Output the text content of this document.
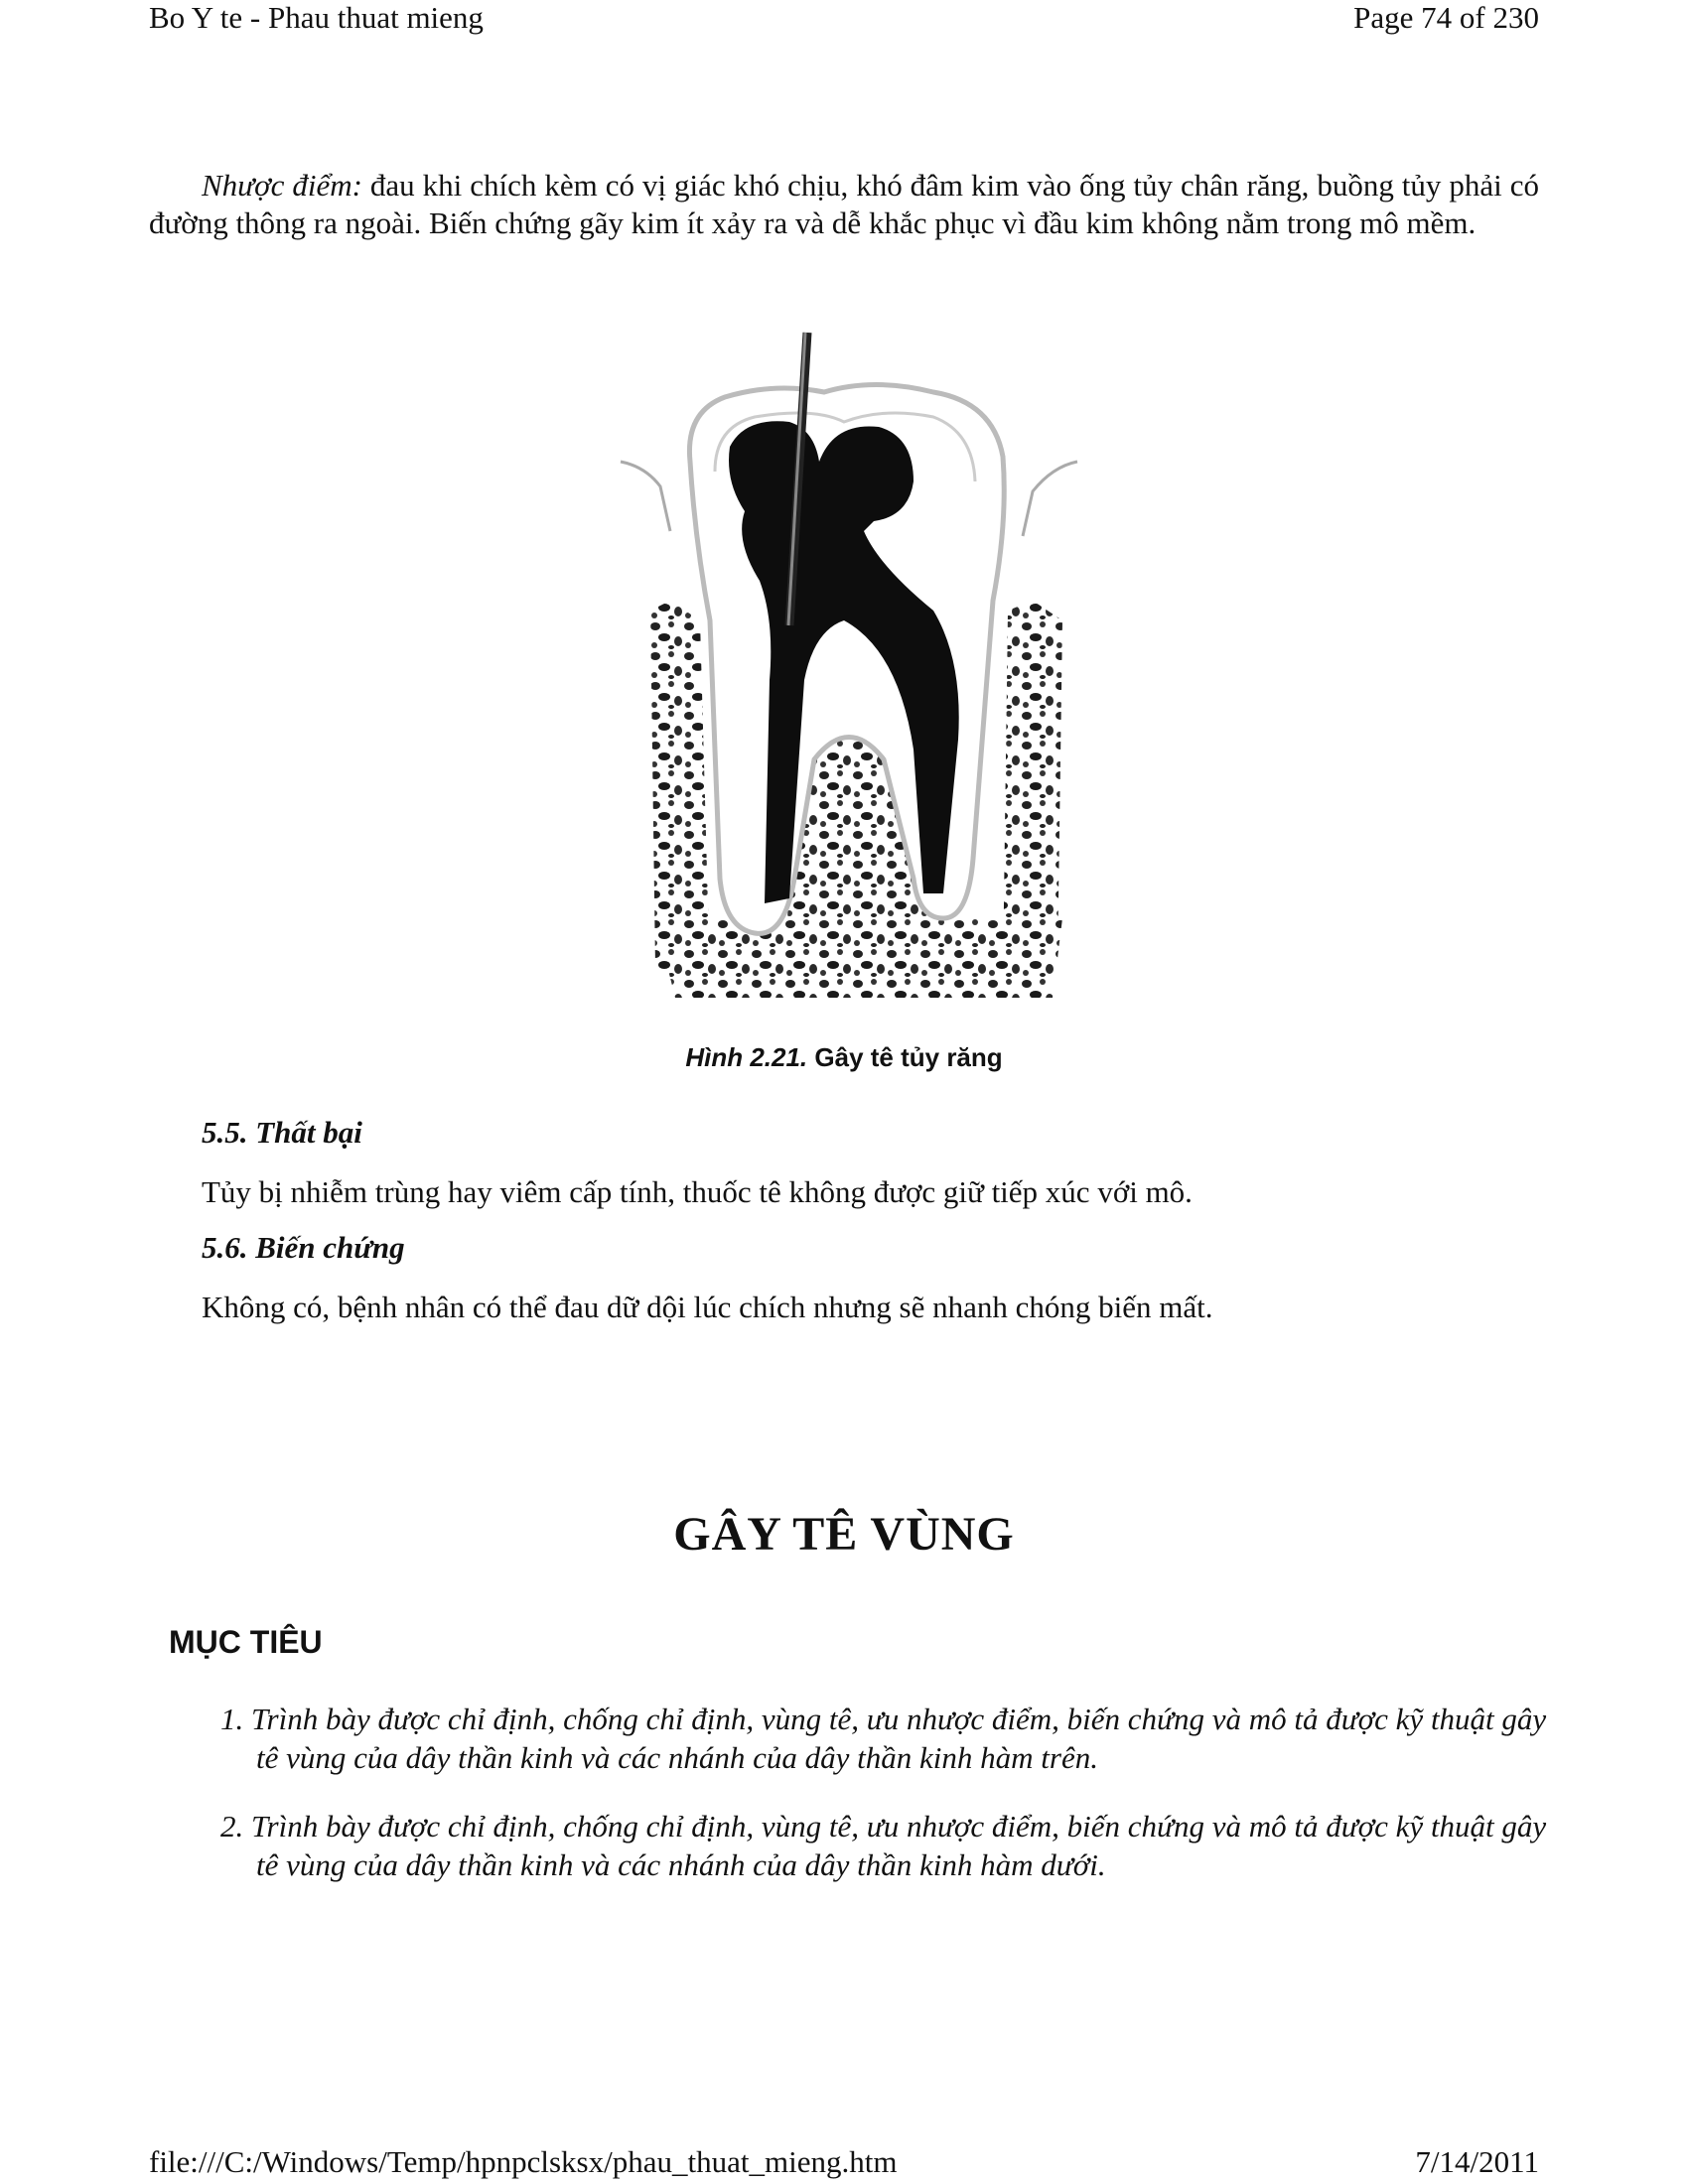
Bo Y te - Phau thuat mieng	Page 74 of 230
Nhược điểm: đau khi chích kèm có vị giác khó chịu, khó đâm kim vào ống tủy chân răng, buồng tủy phải có đường thông ra ngoài. Biến chứng gãy kim ít xảy ra và dễ khắc phục vì đầu kim không nằm trong mô mềm.
Hình 2.21. Gây tê tủy răng
5.5. Thất bại
Tủy bị nhiễm trùng hay viêm cấp tính, thuốc tê không được giữ tiếp xúc với mô.
5.6. Biến chứng
Không có, bệnh nhân có thể đau dữ dội lúc chích nhưng sẽ nhanh chóng biến mất.
GÂY TÊ VÙNG
MỤC TIÊU
1. Trình bày được chỉ định, chống chỉ định, vùng tê, ưu nhược điểm, biến chứng và mô tả được kỹ thuật gây tê vùng của dây thần kinh và các nhánh của dây thần kinh hàm trên.
2. Trình bày được chỉ định, chống chỉ định, vùng tê, ưu nhược điểm, biến chứng và mô tả được kỹ thuật gây tê vùng của dây thần kinh và các nhánh của dây thần kinh hàm dưới.
file:///C:/Windows/Temp/hpnpclsksx/phau_thuat_mieng.htm	7/14/2011
